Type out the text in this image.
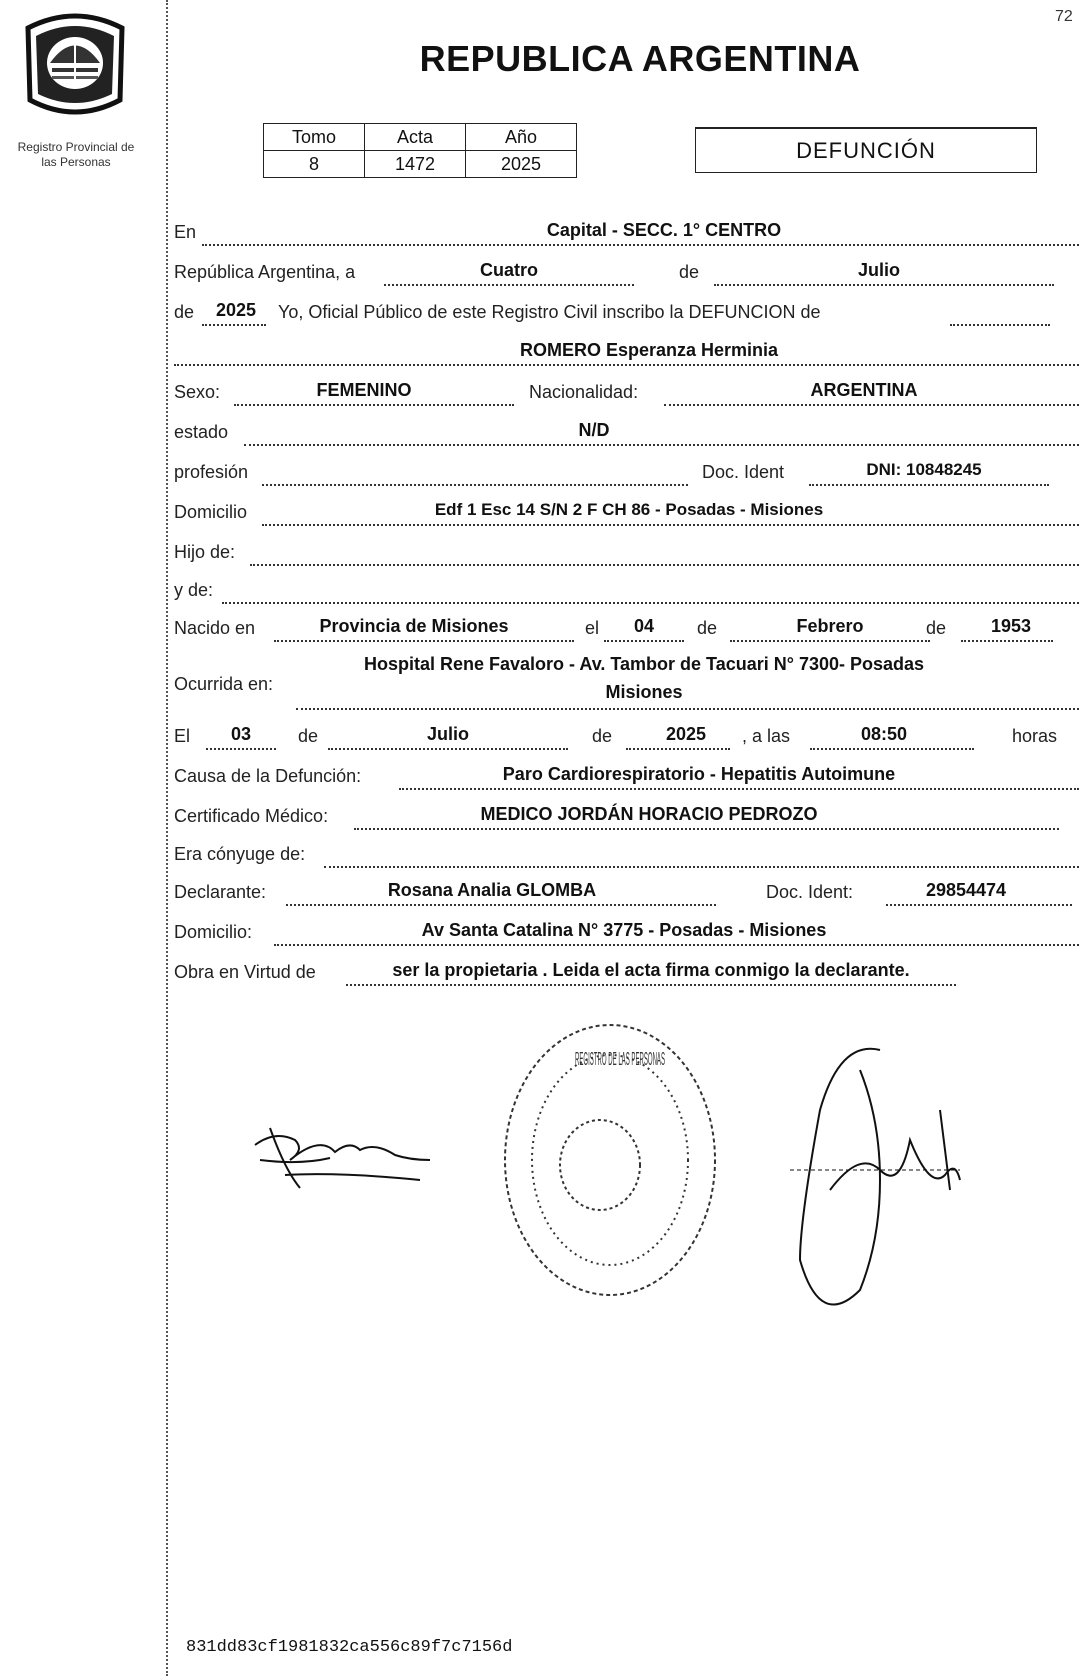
72
Registro Provincial de
las Personas
REPUBLICA ARGENTINA
Tomo	Acta	Año
8	1472	2025
DEFUNCIÓN
En	Capital - SECC. 1° CENTRO
República Argentina, a	Cuatro	de	Julio
de	2025	Yo, Oficial Público de este Registro Civil inscribo la DEFUNCION de
ROMERO Esperanza Herminia
Sexo:	FEMENINO	Nacionalidad:	ARGENTINA
estado	N/D
profesión	Doc. Ident	DNI: 10848245
Domicilio	Edf 1 Esc 14 S/N 2 F CH 86 - Posadas - Misiones
Hijo de:
y de:
Nacido en	Provincia de Misiones	el	04	de	Febrero	de	1953
Ocurrida en:
Hospital Rene Favaloro - Av. Tambor de Tacuari N° 7300- Posadas
Misiones
El	03	de	Julio	de	2025	, a las	08:50	horas
Causa de la Defunción:	Paro Cardiorespiratorio - Hepatitis Autoimune
Certificado Médico:	MEDICO JORDÁN HORACIO PEDROZO
Era cónyuge de:
Declarante:	Rosana Analia GLOMBA	Doc. Ident:	29854474
Domicilio:	Av Santa Catalina N° 3775 - Posadas - Misiones
Obra en Virtud de	ser la propietaria . Leida el acta firma conmigo la declarante.
REGISTRO DE LAS PERSONAS
831dd83cf1981832ca556c89f7c7156d
